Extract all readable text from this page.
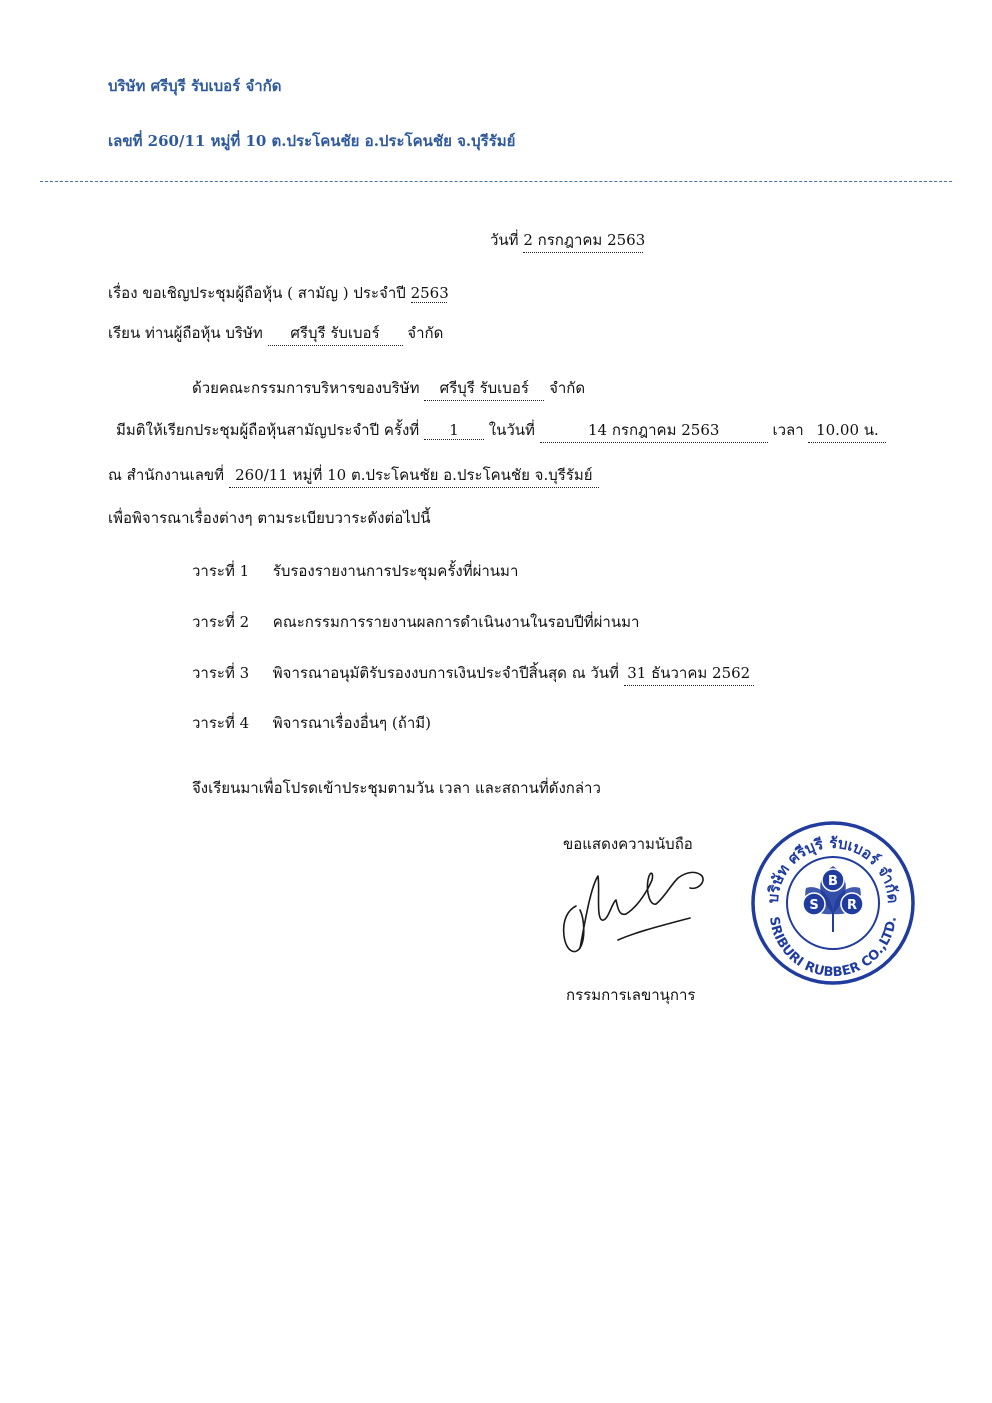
บริษัท ศรีบุรี รับเบอร์ จำกัด
เลขที่ 260/11 หมู่ที่ 10 ต.ประโคนชัย อ.ประโคนชัย จ.บุรีรัมย์
วันที่ 2 กรกฎาคม 2563
เรื่อง ขอเชิญประชุมผู้ถือหุ้น ( สามัญ ) ประจำปี 2563
เรียน ท่านผู้ถือหุ้น บริษัท ศรีบุรี รับเบอร์ จำกัด
ด้วยคณะกรรมการบริหารของบริษัท ศรีบุรี รับเบอร์ จำกัด
มีมติให้เรียกประชุมผู้ถือหุ้นสามัญประจำปี ครั้งที่ 1 ในวันที่	14 กรกฎาคม 2563	เวลา 10.00 น.
ณ สำนักงานเลขที่ 260/11 หมู่ที่ 10 ต.ประโคนชัย อ.ประโคนชัย จ.บุรีรัมย์
เพื่อพิจารณาเรื่องต่างๆ ตามระเบียบวาระดังต่อไปนี้
วาระที่ 1 รับรองรายงานการประชุมครั้งที่ผ่านมา
วาระที่ 2 คณะกรรมการรายงานผลการดำเนินงานในรอบปีที่ผ่านมา
วาระที่ 3 พิจารณาอนุมัติรับรองงบการเงินประจำปีสิ้นสุด ณ วันที่ 31 ธันวาคม 2562
วาระที่ 4 พิจารณาเรื่องอื่นๆ (ถ้ามี)
จึงเรียนมาเพื่อโปรดเข้าประชุมตามวัน เวลา และสถานที่ดังกล่าว
ขอแสดงความนับถือ
กรรมการเลขานุการ
บริษัท ศรีบุรี รับเบอร์ จำกัด
SRIBURI RUBBER CO.,LTD.
S
B
R
